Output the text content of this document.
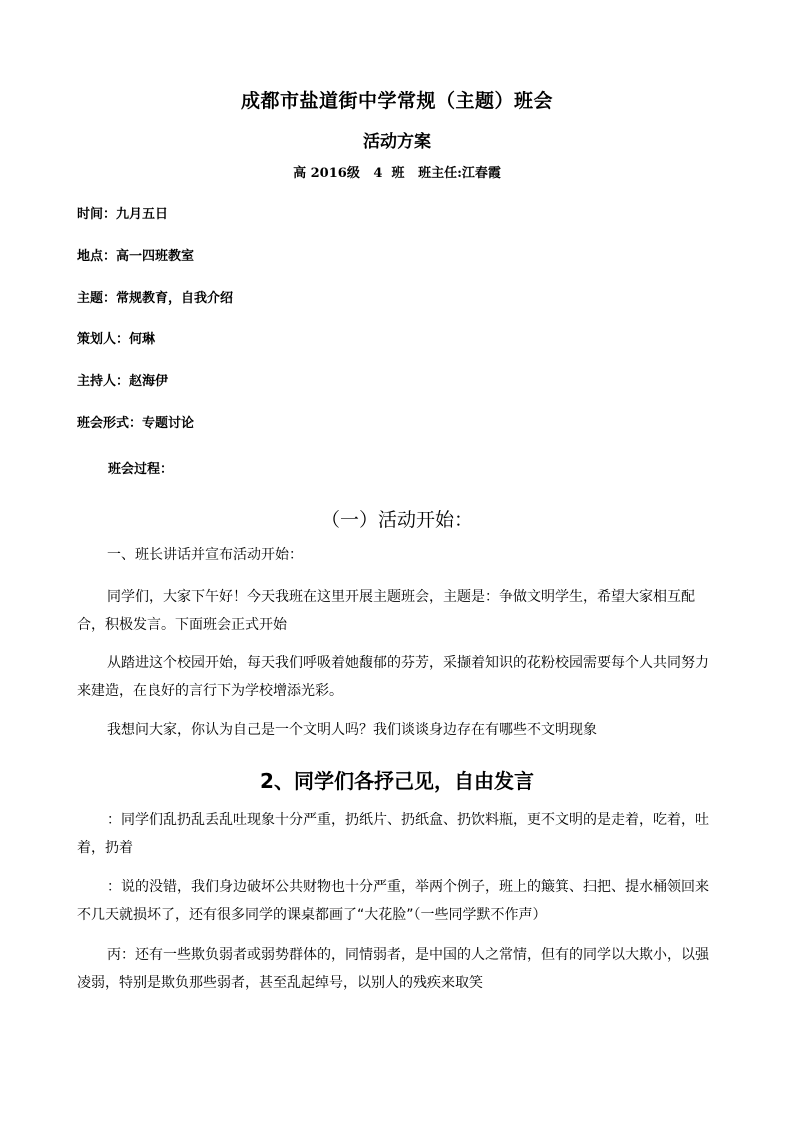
成都市盐道街中学常规（主题）班会
活动方案
高 2016级   4  班   班主任:江春霞
时间：九月五日
地点：高一四班教室
主题：常规教育，自我介绍
策划人：何琳
主持人：赵海伊
班会形式：专题讨论
班会过程：
（一）活动开始：
一、班长讲话并宣布活动开始：
同学们，大家下午好！今天我班在这里开展主题班会，主题是：争做文明学生，希望大家相互配合，积极发言。下面班会正式开始
从踏进这个校园开始，每天我们呼吸着她馥郁的芬芳，采撷着知识的花粉校园需要每个人共同努力来建造，在良好的言行下为学校增添光彩。
我想问大家，你认为自己是一个文明人吗？我们谈谈身边存在有哪些不文明现象
2、同学们各抒己见，自由发言
：同学们乱扔乱丢乱吐现象十分严重，扔纸片、扔纸盒、扔饮料瓶，更不文明的是走着，吃着，吐着，扔着
：说的没错，我们身边破坏公共财物也十分严重，举两个例子，班上的簸箕、扫把、提水桶领回来不几天就损坏了，还有很多同学的课桌都画了“大花脸”（一些同学默不作声）
丙：还有一些欺负弱者或弱势群体的，同情弱者，是中国的人之常情，但有的同学以大欺小，以强凌弱，特别是欺负那些弱者，甚至乱起绰号，以别人的残疾来取笑
